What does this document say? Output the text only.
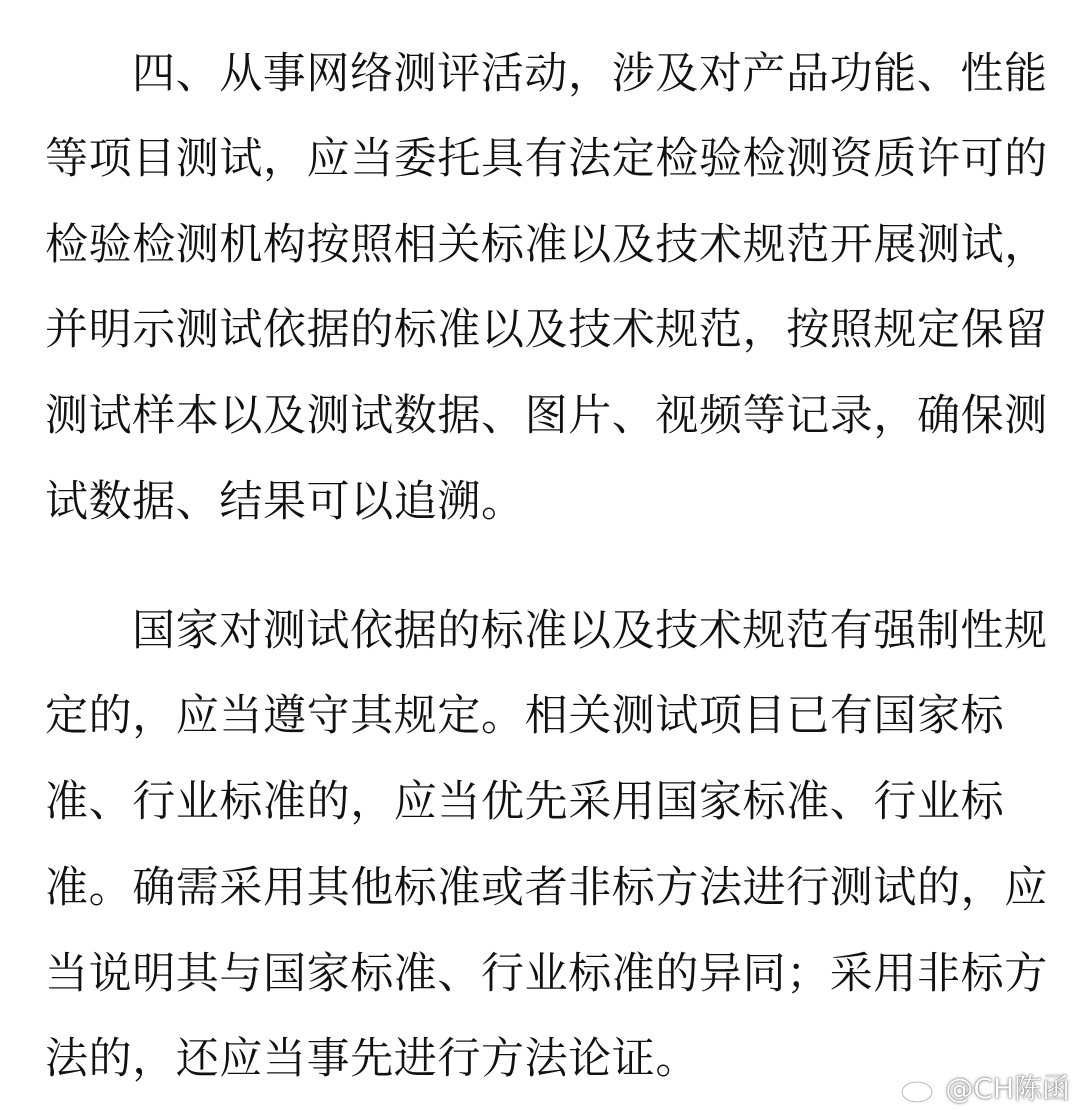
四、从事网络测评活动，涉及对产品功能、性能
等项目测试，应当委托具有法定检验检测资质许可的
检验检测机构按照相关标准以及技术规范开展测试，
并明示测试依据的标准以及技术规范，按照规定保留
测试样本以及测试数据、图片、视频等记录，确保测
试数据、结果可以追溯。
国家对测试依据的标准以及技术规范有强制性规
定的，应当遵守其规定。相关测试项目已有国家标
准、行业标准的，应当优先采用国家标准、行业标
准。确需采用其他标准或者非标方法进行测试的，应
当说明其与国家标准、行业标准的异同；采用非标方
法的，还应当事先进行方法论证。
@CH陈函
